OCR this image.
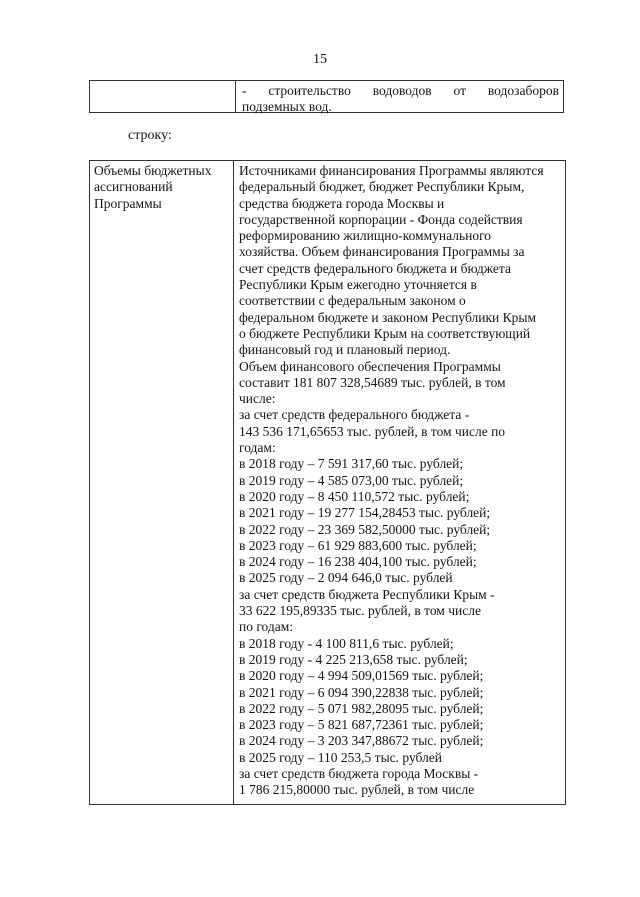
15
- строительство водоводов от водозаборов
подземных вод.
строку:
Объемы бюджетных
ассигнований
Программы
Источниками финансирования Программы являются
федеральный бюджет, бюджет Республики Крым,
средства бюджета города Москвы и
государственной корпорации - Фонда содействия
реформированию жилищно-коммунального
хозяйства. Объем финансирования Программы за
счет средств федерального бюджета и бюджета
Республики Крым ежегодно уточняется в
соответствии с федеральным законом о
федеральном бюджете и законом Республики Крым
о бюджете Республики Крым на соответствующий
финансовый год и плановый период.
Объем финансового обеспечения Программы
составит 181 807 328,54689 тыс. рублей, в том
числе:
за счет средств федерального бюджета -
143 536 171,65653 тыс. рублей, в том числе по
годам:
в 2018 году – 7 591 317,60 тыс. рублей;
в 2019 году – 4 585 073,00 тыс. рублей;
в 2020 году – 8 450 110,572 тыс. рублей;
в 2021 году – 19 277 154,28453 тыс. рублей;
в 2022 году – 23 369 582,50000 тыс. рублей;
в 2023 году – 61 929 883,600 тыс. рублей;
в 2024 году – 16 238 404,100 тыс. рублей;
в 2025 году – 2 094 646,0 тыс. рублей
за счет средств бюджета Республики Крым -
33 622 195,89335 тыс. рублей, в том числе
по годам:
в 2018 году - 4 100 811,6 тыс. рублей;
в 2019 году - 4 225 213,658 тыс. рублей;
в 2020 году – 4 994 509,01569 тыс. рублей;
в 2021 году – 6 094 390,22838 тыс. рублей;
в 2022 году – 5 071 982,28095 тыс. рублей;
в 2023 году – 5 821 687,72361 тыс. рублей;
в 2024 году – 3 203 347,88672 тыс. рублей;
в 2025 году – 110 253,5 тыс. рублей
за счет средств бюджета города Москвы -
1 786 215,80000 тыс. рублей, в том числе
